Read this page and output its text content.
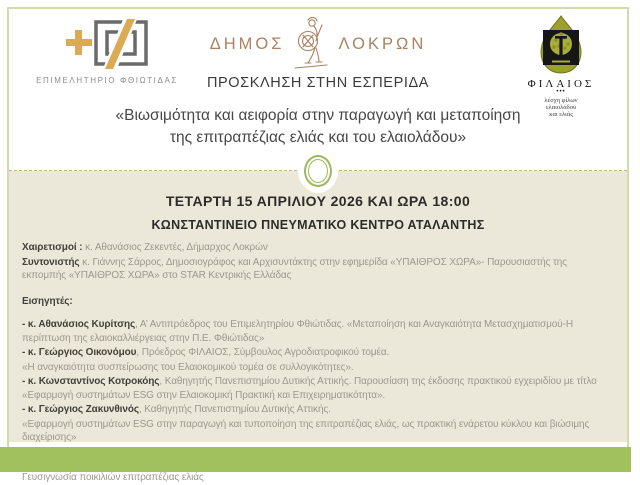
ΕΠΙΜΕΛΗΤΗΡΙΟ ΦΘΙΩΤΙΔΑΣ
ΔΗΜΟΣ	ΛΟΚΡΩΝ
ΦΙΛΑΙΟΣ
•••
λέσχη φίλων
ελαιολάδου
και ελιάς
ΠΡΟΣΚΛΗΣΗ ΣΤΗΝ ΕΣΠΕΡΙΔΑ
«Βιωσιμότητα και αειφορία στην παραγωγή και μεταποίηση
της επιτραπέζιας ελιάς και του ελαιολάδου»

ΤΕΤΑΡΤΗ 15 ΑΠΡΙΛΙΟΥ 2026 ΚΑΙ ΩΡΑ 18:00

ΚΩΝΣΤΑΝΤΙΝΕΙΟ ΠΝΕΥΜΑΤΙΚΟ ΚΕΝΤΡΟ ΑΤΑΛΑΝΤΗΣ

Χαιρετισμοί : κ. Αθανάσιος Ζεκεντές, Δήμαρχος Λοκρών

Συντονιστής κ. Γιάννης Σάρρος, Δημοσιογράφος και Αρχισυντάκτης στην εφημερίδα «ΥΠΑΙΘΡΟΣ ΧΩΡΑ»- Παρουσιαστής της εκπομπής «ΥΠΑΙΘΡΟΣ ΧΩΡΑ» στο STAR Κεντρικής Ελλάδας

Εισηγητές:

- κ. Αθανάσιος Κυρίτσης, Α’ Αντιπρόεδρος του Επιμελητηρίου Φθιώτιδας. «Μεταποίηση και Αναγκαιότητα Μετασχηματισμού-Η περίπτωση της ελαιοκαλλιέργειας στην Π.Ε. Φθιώτιδας»

- κ. Γεώργιος Οικονόμου, Πρόεδρος ΦΙΛΑΙΟΣ, Σύμβουλος Αγροδιατροφικού τομέα.

«Η αναγκαιότητα συσπείρωσης του Ελαιοκομικού τομέα σε συλλογικότητες».

- κ. Κωνσταντίνος Κοτροκόης, Καθηγητής Πανεπιστημίου Δυτικής Αττικής. Παρουσίαση της έκδοσης πρακτικού εγχειριδίου με τίτλο «Εφαρμογή συστημάτων ESG στην Ελαιοκομική Πρακτική και Επιχειρηματικότητα».

- κ. Γεώργιος Ζακυνθινός, Καθηγητής Πανεπιστημίου Δυτικής Αττικής.

«Εφαρμογή συστημάτων ESG στην παραγωγή και τυποποίηση της επιτραπέζιας ελιάς, ως πρακτική ενάρετου κύκλου και βιώσιμης διαχείρισης»

Γευσιγνωσία ποικιλιών επιτραπέζιας ελιάς
